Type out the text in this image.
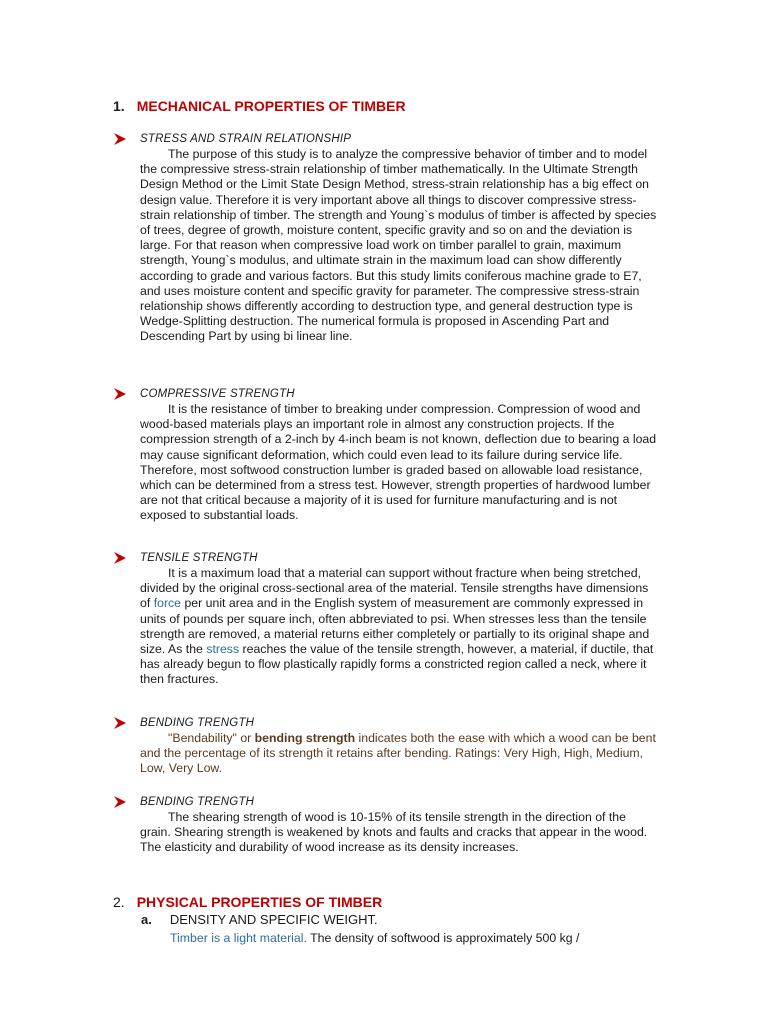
1. MECHANICAL PROPERTIES OF TIMBER
STRESS AND STRAIN RELATIONSHIP
The purpose of this study is to analyze the compressive behavior of timber and to model the compressive stress-strain relationship of timber mathematically. In the Ultimate Strength Design Method or the Limit State Design Method, stress-strain relationship has a big effect on design value. Therefore it is very important above all things to discover compressive stress-strain relationship of timber. The strength and Young`s modulus of timber is affected by species of trees, degree of growth, moisture content, specific gravity and so on and the deviation is large. For that reason when compressive load work on timber parallel to grain, maximum strength, Young`s modulus, and ultimate strain in the maximum load can show differently according to grade and various factors. But this study limits coniferous machine grade to E7, and uses moisture content and specific gravity for parameter. The compressive stress-strain relationship shows differently according to destruction type, and general destruction type is Wedge-Splitting destruction. The numerical formula is proposed in Ascending Part and Descending Part by using bi linear line.
COMPRESSIVE STRENGTH
It is the resistance of timber to breaking under compression. Compression of wood and wood-based materials plays an important role in almost any construction projects. If the compression strength of a 2-inch by 4-inch beam is not known, deflection due to bearing a load may cause significant deformation, which could even lead to its failure during service life. Therefore, most softwood construction lumber is graded based on allowable load resistance, which can be determined from a stress test. However, strength properties of hardwood lumber are not that critical because a majority of it is used for furniture manufacturing and is not exposed to substantial loads.
TENSILE STRENGTH
It is a maximum load that a material can support without fracture when being stretched, divided by the original cross-sectional area of the material. Tensile strengths have dimensions of force per unit area and in the English system of measurement are commonly expressed in units of pounds per square inch, often abbreviated to psi. When stresses less than the tensile strength are removed, a material returns either completely or partially to its original shape and size. As the stress reaches the value of the tensile strength, however, a material, if ductile, that has already begun to flow plastically rapidly forms a constricted region called a neck, where it then fractures.
BENDING TRENGTH
"Bendability" or bending strength indicates both the ease with which a wood can be bent and the percentage of its strength it retains after bending. Ratings: Very High, High, Medium, Low, Very Low.
BENDING TRENGTH
The shearing strength of wood is 10-15% of its tensile strength in the direction of the grain. Shearing strength is weakened by knots and faults and cracks that appear in the wood. The elasticity and durability of wood increase as its density increases.
2. PHYSICAL PROPERTIES OF TIMBER
a. DENSITY AND SPECIFIC WEIGHT.
Timber is a light material. The density of softwood is approximately 500 kg /
